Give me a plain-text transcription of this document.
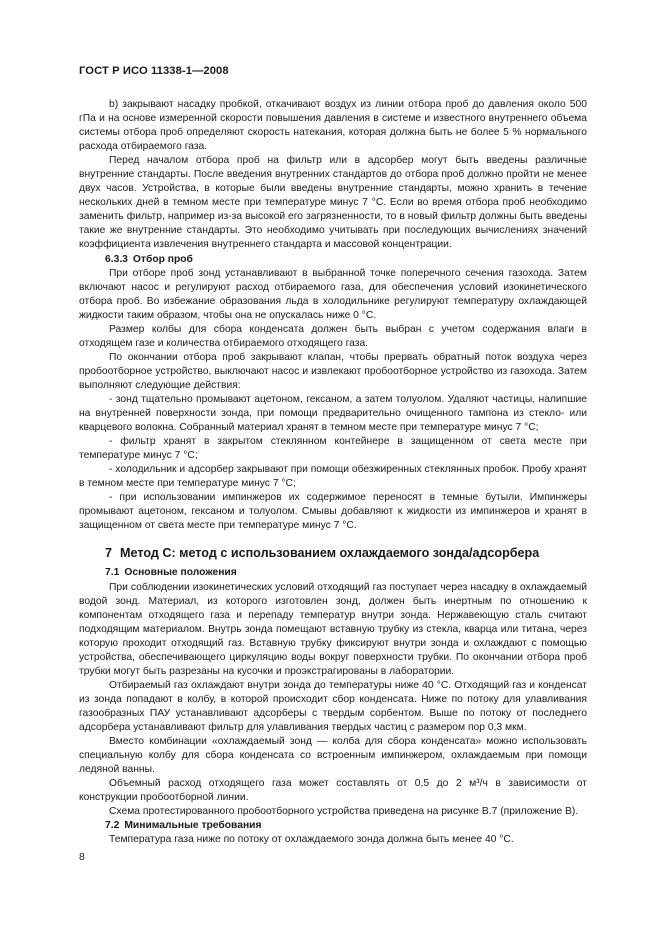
ГОСТ Р ИСО 11338-1—2008

b) закрывают насадку пробкой, откачивают воздух из линии отбора проб до давления около 500 гПа и на основе измеренной скорости повышения давления в системе и известного внутреннего объема системы отбора проб определяют скорость натекания, которая должна быть не более 5 % нормального расхода отбираемого газа.

Перед началом отбора проб на фильтр или в адсорбер могут быть введены различные внутренние стандарты. После введения внутренних стандартов до отбора проб должно пройти не менее двух часов. Устройства, в которые были введены внутренние стандарты, можно хранить в течение нескольких дней в темном месте при температуре минус 7 °С. Если во время отбора проб необходимо заменить фильтр, например из-за высокой его загрязненности, то в новый фильтр должны быть введены такие же внутренние стандарты. Это необходимо учитывать при последующих вычислениях значений коэффициента извлечения внутреннего стандарта и массовой концентрации.

6.3.3 Отбор проб

При отборе проб зонд устанавливают в выбранной точке поперечного сечения газохода. Затем включают насос и регулируют расход отбираемого газа, для обеспечения условий изокинетического отбора проб. Во избежание образования льда в холодильнике регулируют температуру охлаждающей жидкости таким образом, чтобы она не опускалась ниже 0 °С.

Размер колбы для сбора конденсата должен быть выбран с учетом содержания влаги в отходящем газе и количества отбираемого отходящего газа.

По окончании отбора проб закрывают клапан, чтобы прервать обратный поток воздуха через пробоотборное устройство, выключают насос и извлекают пробоотборное устройство из газохода. Затем выполняют следующие действия:

- зонд тщательно промывают ацетоном, гексаном, а затем толуолом. Удаляют частицы, налипшие на внутренней поверхности зонда, при помощи предварительно очищенного тампона из стекло- или кварцевого волокна. Собранный материал хранят в темном месте при температуре минус 7 °С;

- фильтр хранят в закрытом стеклянном контейнере в защищенном от света месте при температуре минус 7 °С;

- холодильник и адсорбер закрывают при помощи обезжиренных стеклянных пробок. Пробу хранят в темном месте при температуре минус 7 °С;

- при использовании импинжеров их содержимое переносят в темные бутыли. Импинжеры промывают ацетоном, гексаном и толуолом. Смывы добавляют к жидкости из импинжеров и хранят в защищенном от света месте при температуре минус 7 °С.

7 Метод С: метод с использованием охлаждаемого зонда/адсорбера

7.1 Основные положения

При соблюдении изокинетических условий отходящий газ поступает через насадку в охлаждаемый водой зонд. Материал, из которого изготовлен зонд, должен быть инертным по отношению к компонентам отходящего газа и перепаду температур внутри зонда. Нержавеющую сталь считают подходящим материалом. Внутрь зонда помещают вставную трубку из стекла, кварца или титана, через которую проходит отходящий газ. Вставную трубку фиксируют внутри зонда и охлаждают с помощью устройства, обеспечивающего циркуляцию воды вокруг поверхности трубки. По окончании отбора проб трубки могут быть разрезаны на кусочки и проэкстрагированы в лаборатории.

Отбираемый газ охлаждают внутри зонда до температуры ниже 40 °С. Отходящий газ и конденсат из зонда попадают в колбу, в которой происходит сбор конденсата. Ниже по потоку для улавливания газообразных ПАУ устанавливают адсорберы с твердым сорбентом. Выше по потоку от последнего адсорбера устанавливают фильтр для улавливания твердых частиц с размером пор 0,3 мкм.

Вместо комбинации «охлаждаемый зонд — колба для сбора конденсата» можно использовать специальную колбу для сбора конденсата со встроенным импинжером, охлаждаемым при помощи ледяной ванны.

Объемный расход отходящего газа может составлять от 0,5 до 2 м³/ч в зависимости от конструкции пробоотборной линии.

Схема протестированного пробоотборного устройства приведена на рисунке В.7 (приложение В).

7.2 Минимальные требования

Температура газа ниже по потоку от охлаждаемого зонда должна быть менее 40 °С.

8
